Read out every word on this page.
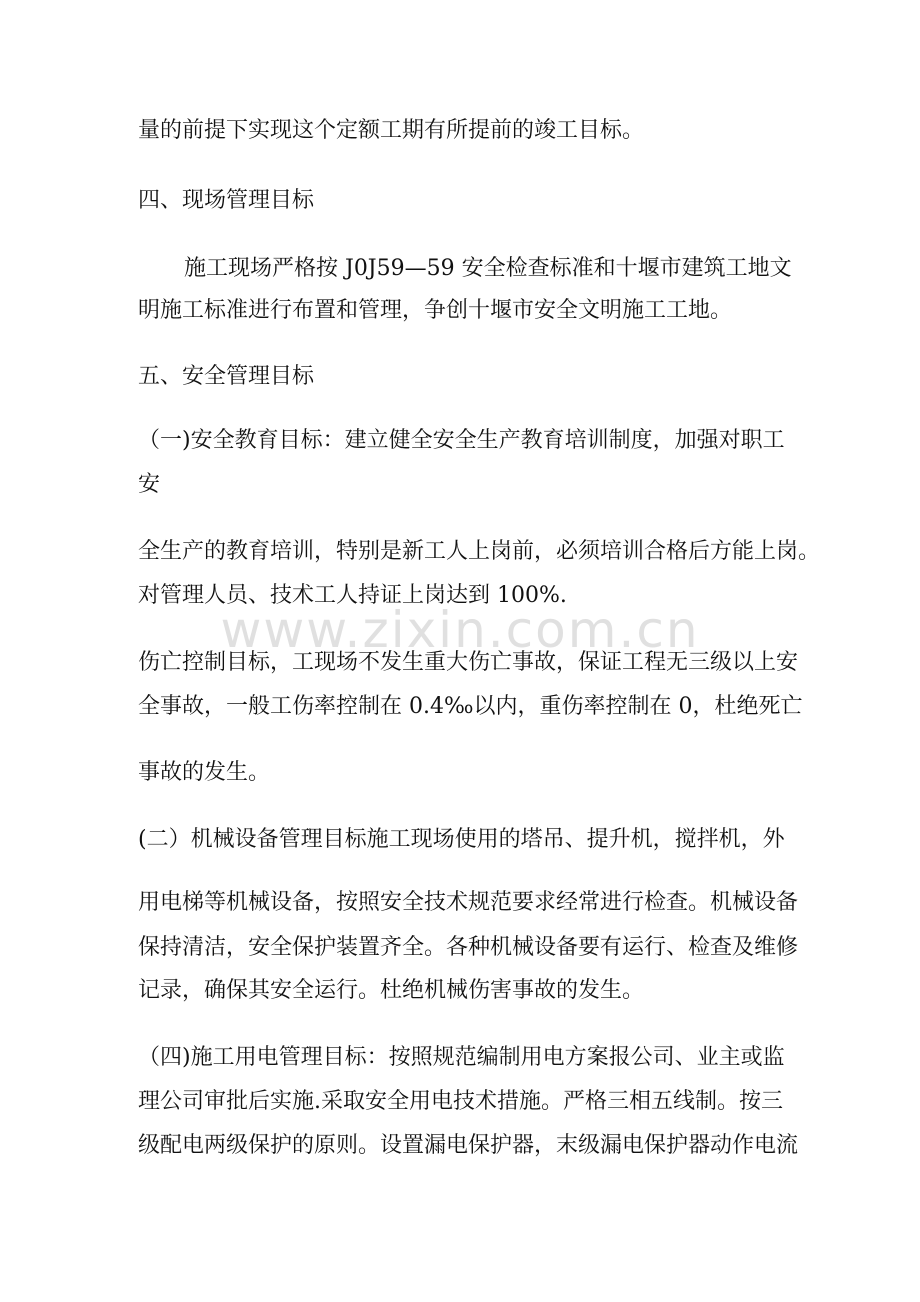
量的前提下实现这个定额工期有所提前的竣工目标。
四、现场管理目标
施工现场严格按 J0J59—59 安全检查标准和十堰市建筑工地文
明施工标准进行布置和管理，争创十堰市安全文明施工工地。
五、安全管理目标
（一)安全教育目标：建立健全安全生产教育培训制度，加强对职工
安
全生产的教育培训，特别是新工人上岗前，必须培训合格后方能上岗。
对管理人员、技术工人持证上岗达到 100%.
伤亡控制目标，工现场不发生重大伤亡事故，保证工程无三级以上安
全事故，一般工伤率控制在 0.4‰以内，重伤率控制在 0，杜绝死亡
事故的发生。
(二）机械设备管理目标施工现场使用的塔吊、提升机，搅拌机，外
用电梯等机械设备，按照安全技术规范要求经常进行检查。机械设备
保持清洁，安全保护装置齐全。各种机械设备要有运行、检查及维修
记录，确保其安全运行。杜绝机械伤害事故的发生。
（四)施工用电管理目标：按照规范编制用电方案报公司、业主或监
理公司审批后实施.采取安全用电技术措施。严格三相五线制。按三
级配电两级保护的原则。设置漏电保护器，末级漏电保护器动作电流
www.zixin.com.cn
